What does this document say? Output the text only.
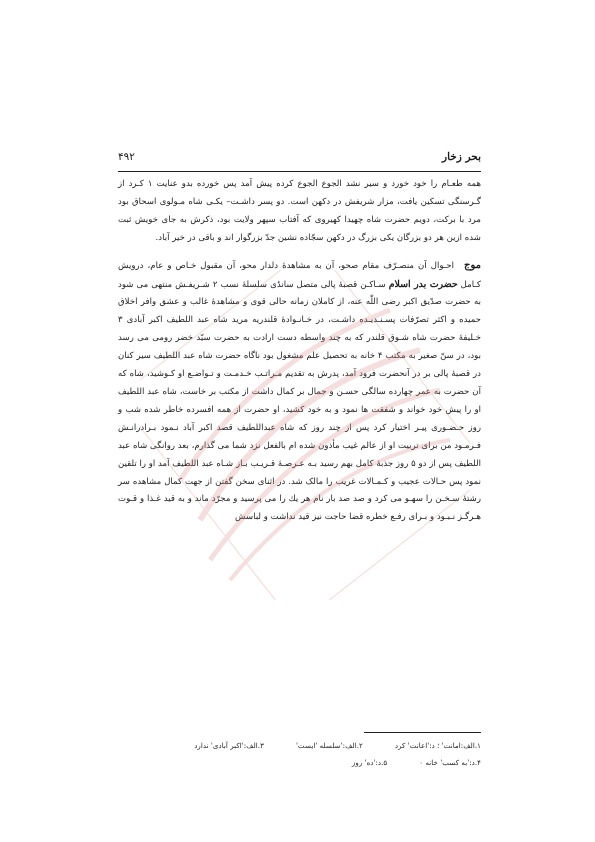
بحر زخار
۴۹۲

همه طعـام را خود خورد و سیر نشد الجوع الجوع کرده پیش آمد پس خورده بدو عنایت ۱ کـرد از گـرسنگی تسکین یافت، مزار شریفش در دکهن است. دو پسر داشـت– یکـی شاه مـولوی اسحاق بود مرد با برکت، دویم حضرت شاه چهیدا کهیروی که آفتاب سپهر ولایت بود، ذکرش به جای خویش ثبت شده ازین هر دو بزرگان یکی بزرگ در دکهن سجّاده نشین جدّ بزرگوار اند و باقی در خیر آباد.

موج احـوال آن منصـرّف مقام صحو، آن به مشاهدهٔ دلدار محو، آن مقبول خـاص و عام، درویش کـامل حضرت بدر اسلام سـاکـن قصبهٔ پالی متصل سانڈی سلسلهٔ نسب ۲ شـریفـش منتهی می شود به حضرت صدّیق اکبر رضی اللّٰه عنه، از کاملان زمانه حالی قوی و مشاهدهٔ غالب و عشق وافر اخلاق حمیده و اکثر تصرّفات پسـنـدیـده داشـت، در خـانـوادهٔ قلندریه مرید شاه عبد اللطیف اکبر آبادی ۳ خـلیفهٔ حضرت شاه شـوق قلندر که به چند واسطه دست ارادت به حضرت سیّد خضر رومی می رسد بود، در سنّ صغیر به مکتب ۴ خانه به تحصیل علم مشغول بود ناگاه حضرت شاه عبد اللطیف سیر کنان در قصبهٔ پالی بر در آنحضرت فرود آمد، پدرش به تقدیم مـراتـب خـدمـت و تـواضـع او کـوشید، شاه که آن حضرت به عمر چهارده سالگی حسـن و جمال بر کمال داشت از مکتب بر خاست، شاه عبد اللطیف او را پیش خود خواند و شفقت ها نمود و به خود کشید، او حضرت از همه افسرده خاطر شده شب و روز حـضـوری پیـر اختیار کرد پس از چند روز که شاه عبداللطیف قصد اکبر آباد نـمود بـرادرانـش فـرمـود من برای تربیت او از عالم غیب مأذون شده ام بالفعل نزد شما می گذارم، بعد روانگی شاه عبد اللطیف پس از دو ۵ روز جذبهٔ کامل بهم رسید بـه عـرصـهٔ قـریـب بـاز شـاه عبد اللطیف آمد او را تلقین نمود پس حـالات عجیب و کـمـالات غریب را مالک شد. در اثنای سخن گفتن از جهت کمال مشاهده سر رشتهٔ سـخـن را سهـو می کرد و صد صد بار نام هر یك را می پرسید و مجرّد ماند و به قید غـذا و قـوت هـرگـز نـبـود و بـرای رفـع خطره قضا حاجت نیز قید نداشت و لباسش

۱.الف:امانت' ؛ د:'اعانت' کرد
۲.الف:'سلسله 'ایست'
۳.الف:'اکبر آبادی' ندارد
۴.د:'به کسب' خانه ۰
۵.د:'ده' روز
